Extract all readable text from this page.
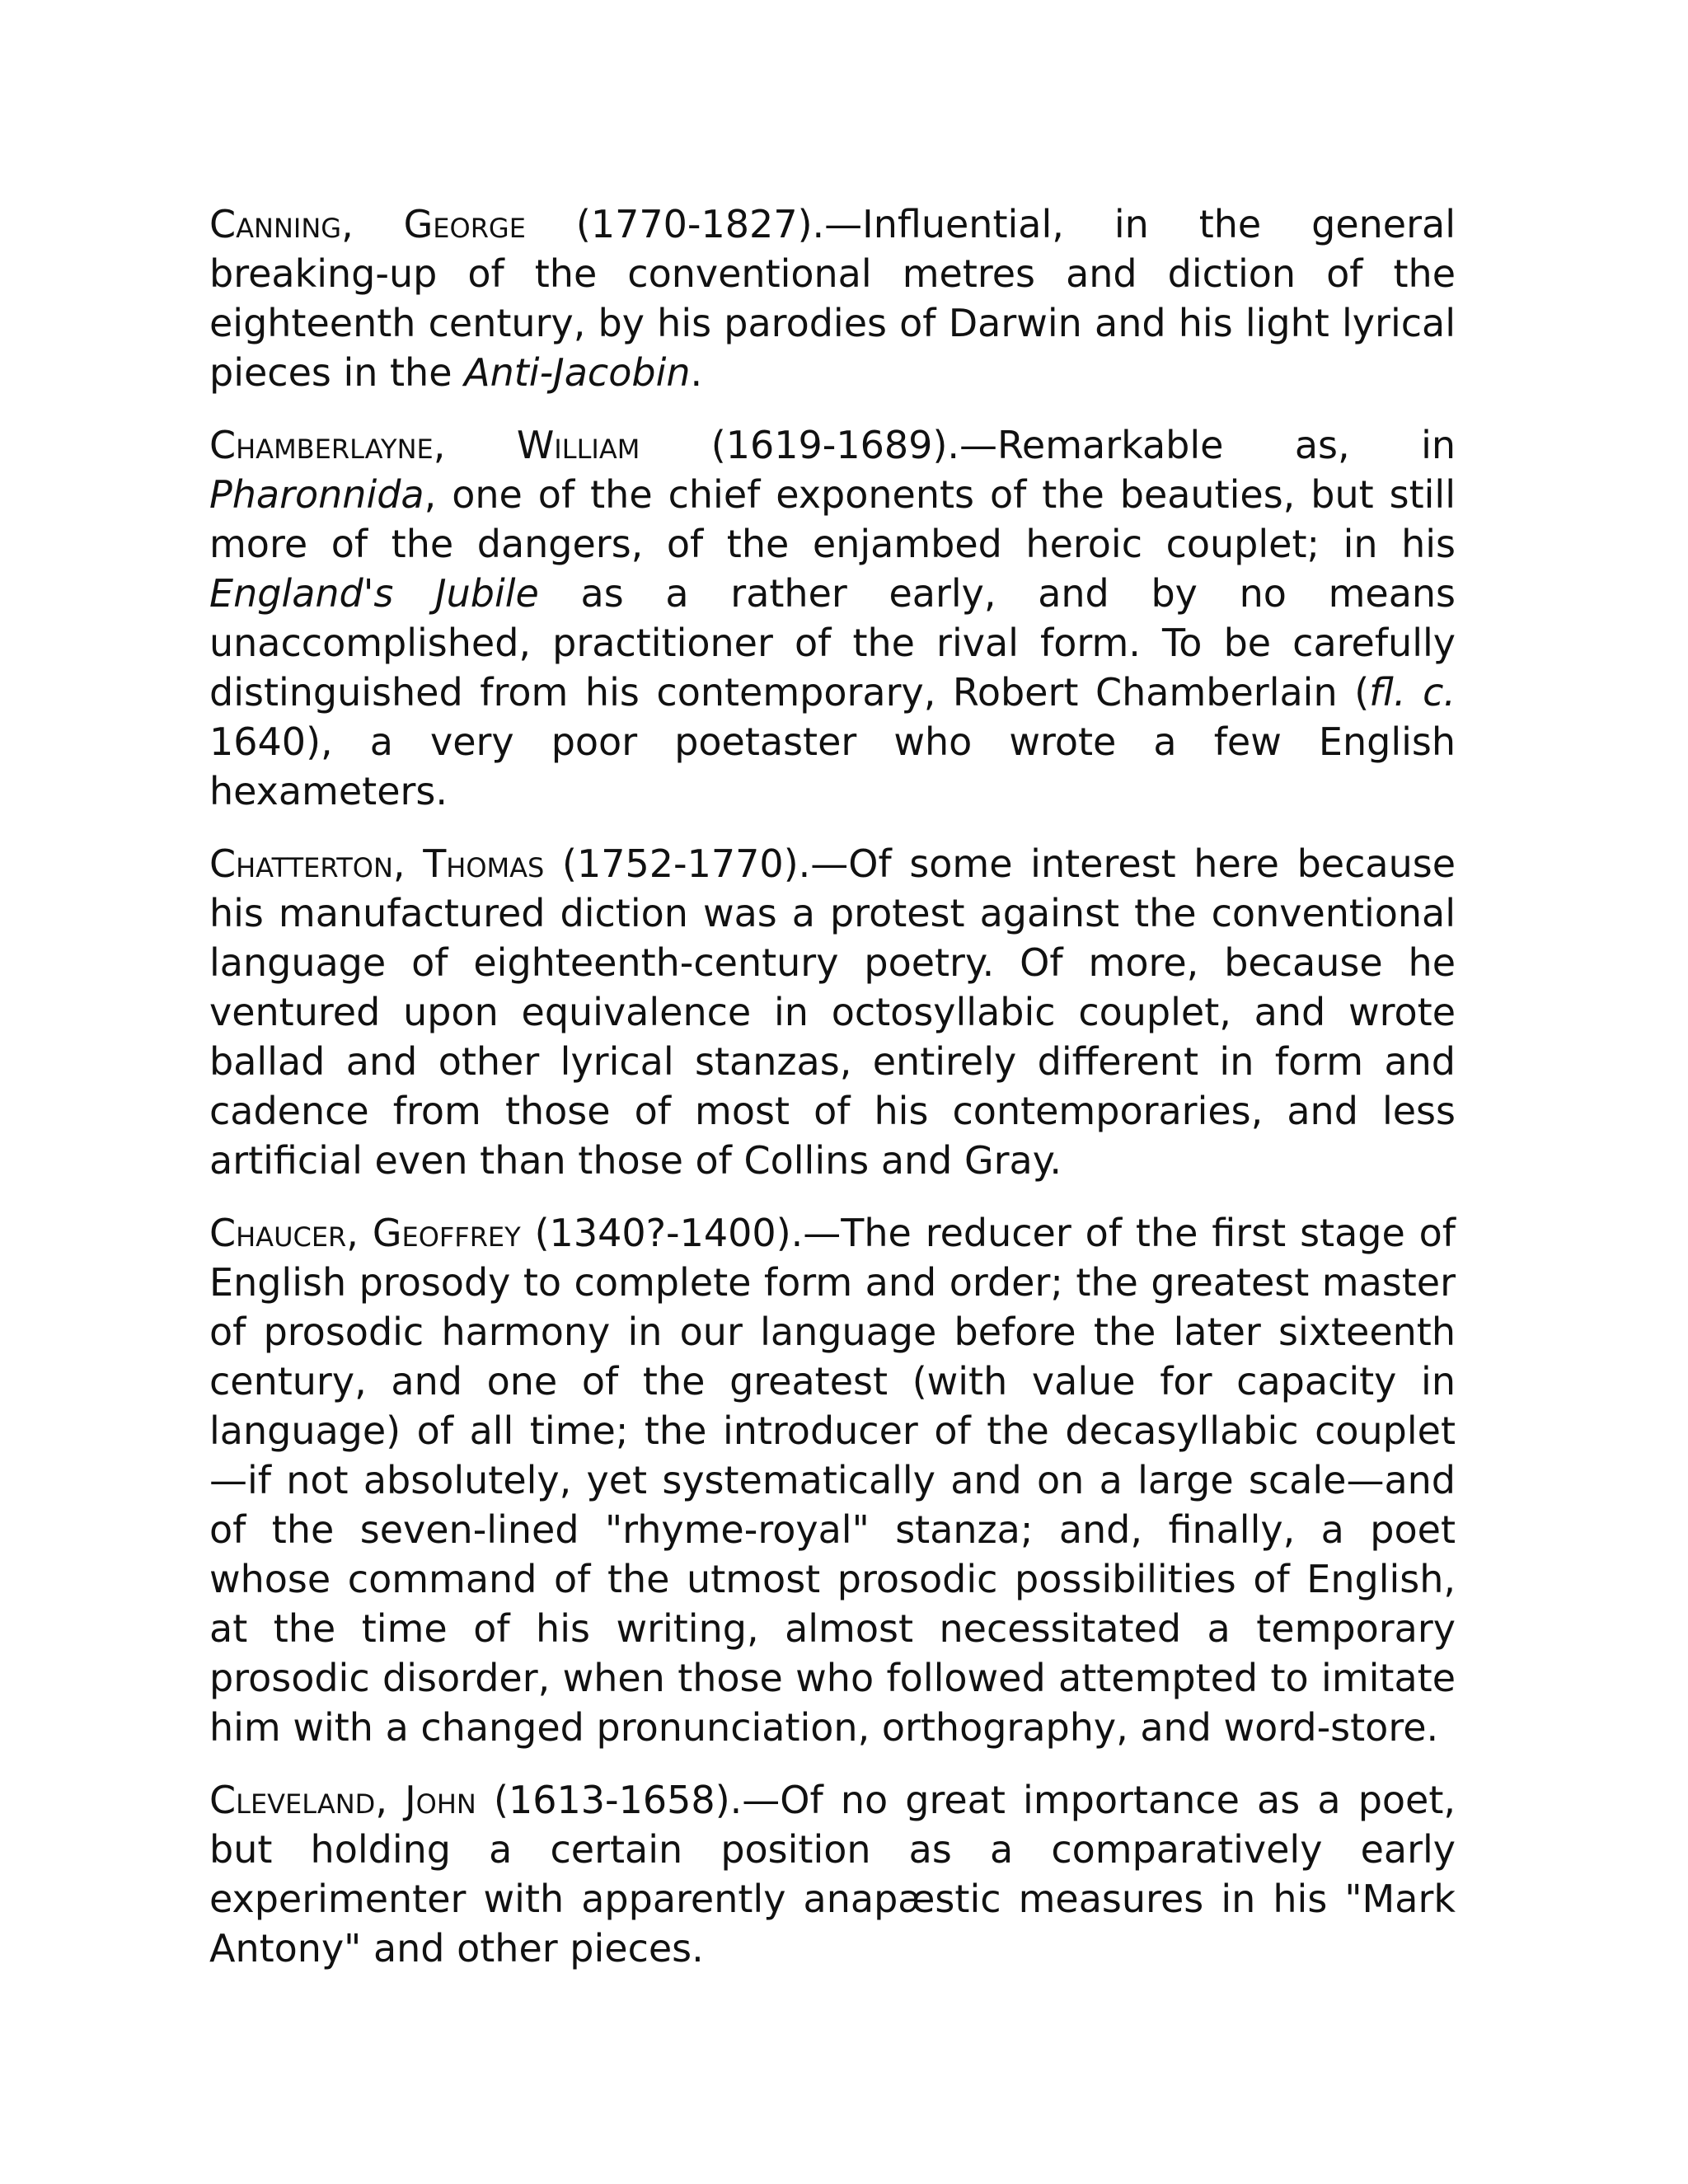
Canning, George (1770-1827).—Influential, in the general breaking-up of the conventional metres and diction of the eighteenth century, by his parodies of Darwin and his light lyrical pieces in the Anti-Jacobin.

Chamberlayne, William (1619-1689).—Remarkable as, in Pharonnida, one of the chief exponents of the beauties, but still more of the dangers, of the enjambed heroic couplet; in his England's Jubile as a rather early, and by no means unaccomplished, practitioner of the rival form. To be carefully distinguished from his contemporary, Robert Chamberlain (fl. c. 1640), a very poor poetaster who wrote a few English hexameters.

Chatterton, Thomas (1752-1770).—Of some interest here because his manufactured diction was a protest against the conventional language of eighteenth-century poetry. Of more, because he ventured upon equivalence in octosyllabic couplet, and wrote ballad and other lyrical stanzas, entirely different in form and cadence from those of most of his contemporaries, and less artificial even than those of Collins and Gray.

Chaucer, Geoffrey (1340?-1400).—The reducer of the first stage of English prosody to complete form and order; the greatest master of prosodic harmony in our language before the later sixteenth century, and one of the greatest (with value for capacity in language) of all time; the introducer of the decasyllabic couplet—if not absolutely, yet systematically and on a large scale—and of the seven-lined "rhyme-royal" stanza; and, finally, a poet whose command of the utmost prosodic possibilities of English, at the time of his writing, almost necessitated a temporary prosodic disorder, when those who followed attempted to imitate him with a changed pronunciation, orthography, and word-store.

Cleveland, John (1613-1658).—Of no great importance as a poet, but holding a certain position as a comparatively early experimenter with apparently anapæstic measures in his "Mark Antony" and other pieces.
